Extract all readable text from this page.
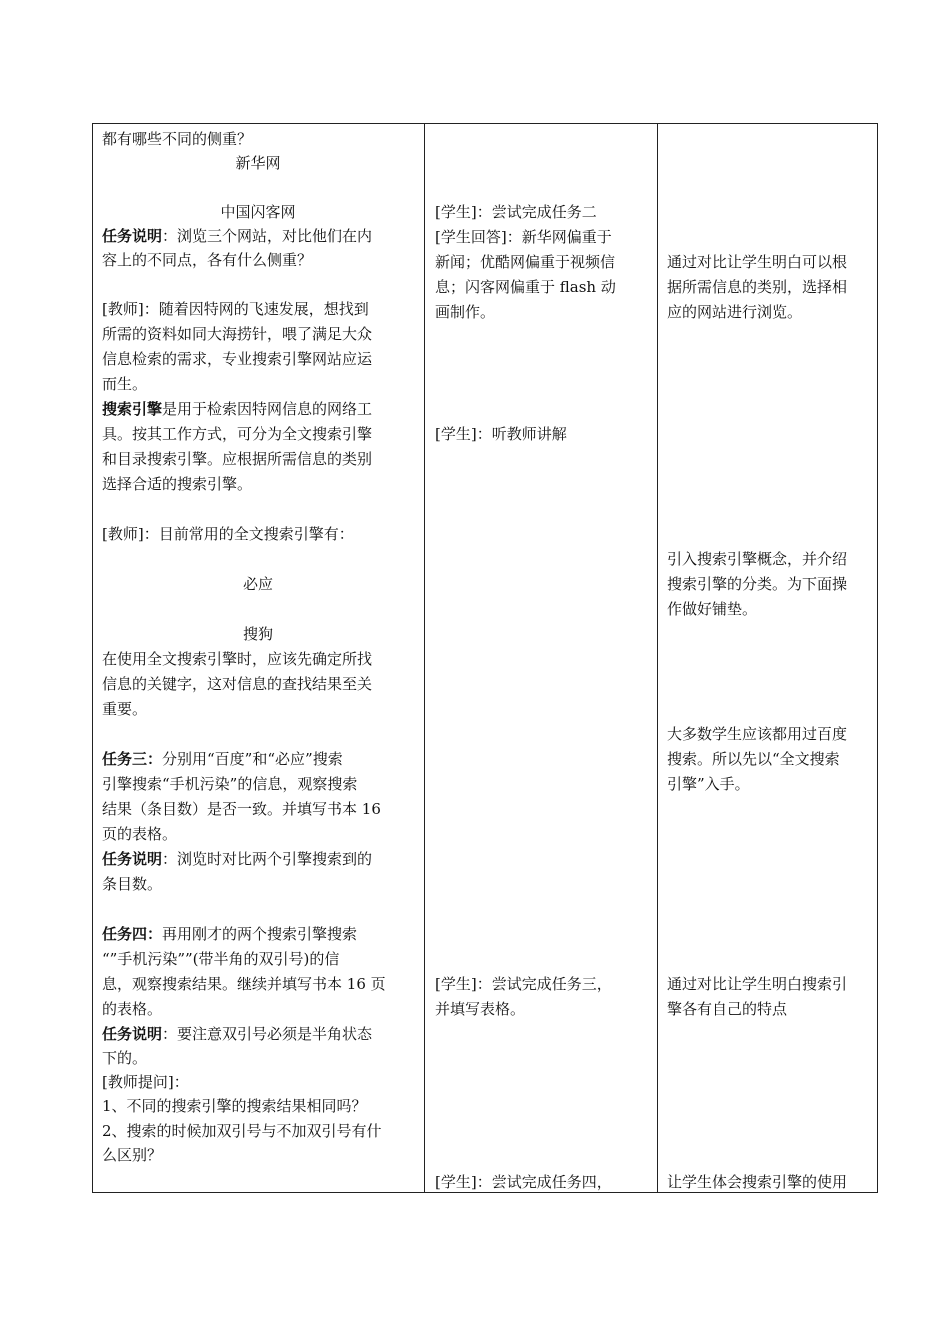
都有哪些不同的侧重？
新华网
中国闪客网
任务说明：浏览三个网站，对比他们在内
容上的不同点，各有什么侧重？
[教师]：随着因特网的飞速发展，想找到
所需的资料如同大海捞针，喂了满足大众
信息检索的需求，专业搜索引擎网站应运
而生。
搜索引擎是用于检索因特网信息的网络工
具。按其工作方式，可分为全文搜索引擎
和目录搜索引擎。应根据所需信息的类别
选择合适的搜索引擎。
[教师]：目前常用的全文搜索引擎有：
必应
搜狗
在使用全文搜索引擎时，应该先确定所找
信息的关键字，这对信息的查找结果至关
重要。
任务三：分别用“百度”和“必应”搜索
引擎搜索“手机污染”的信息，观察搜索
结果（条目数）是否一致。并填写书本 16
页的表格。
任务说明：浏览时对比两个引擎搜索到的
条目数。
任务四：再用刚才的两个搜索引擎搜索
“”手机污染””(带半角的双引号)的信
息，观察搜索结果。继续并填写书本 16 页
的表格。
任务说明：要注意双引号必须是半角状态
下的。
[教师提问]：
1、不同的搜索引擎的搜索结果相同吗？
2、搜索的时候加双引号与不加双引号有什
么区别？
[学生]：尝试完成任务二
[学生回答]：新华网偏重于
新闻；优酷网偏重于视频信
息；闪客网偏重于 flash 动
画制作。
[学生]：听教师讲解
[学生]：尝试完成任务三，
并填写表格。
[学生]：尝试完成任务四，
通过对比让学生明白可以根
据所需信息的类别，选择相
应的网站进行浏览。
引入搜索引擎概念，并介绍
搜索引擎的分类。为下面操
作做好铺垫。
大多数学生应该都用过百度
搜索。所以先以“全文搜索
引擎”入手。
通过对比让学生明白搜索引
擎各有自己的特点
让学生体会搜索引擎的使用
